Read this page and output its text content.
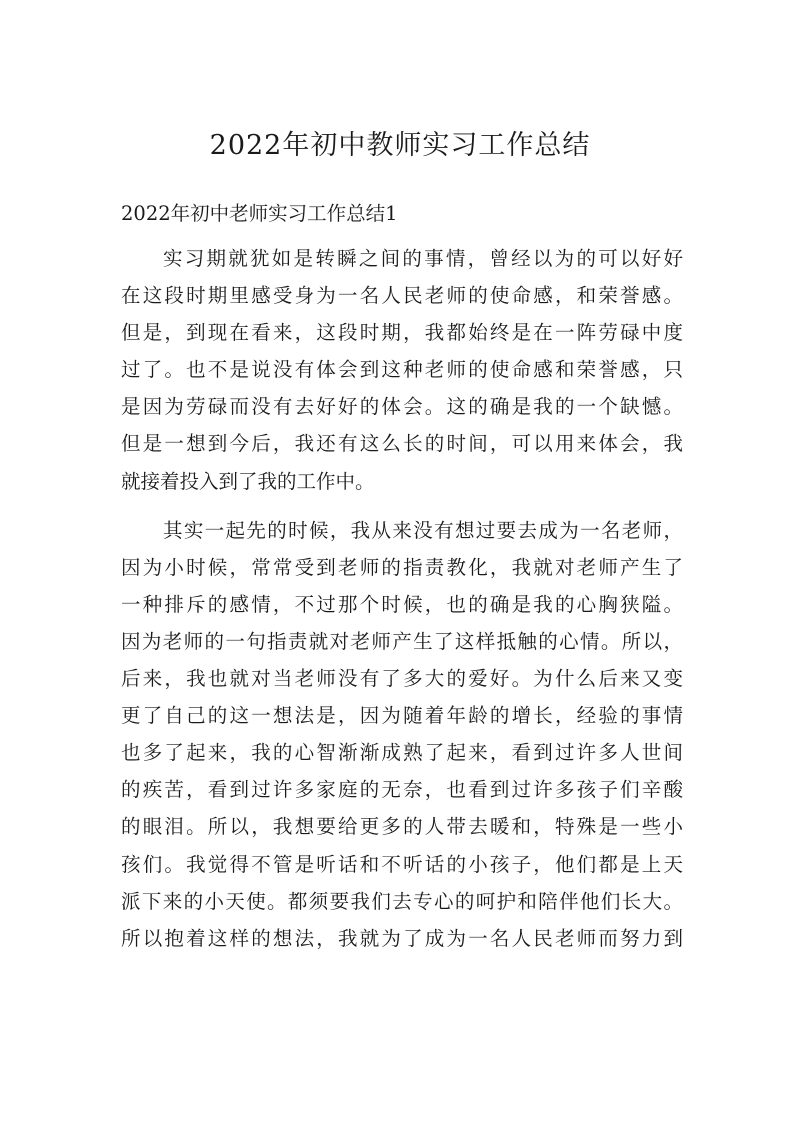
2022年初中教师实习工作总结

2022年初中老师实习工作总结1

实习期就犹如是转瞬之间的事情，曾经以为的可以好好
在这段时期里感受身为一名人民老师的使命感，和荣誉感。
但是，到现在看来，这段时期，我都始终是在一阵劳碌中度
过了。也不是说没有体会到这种老师的使命感和荣誉感，只
是因为劳碌而没有去好好的体会。这的确是我的一个缺憾。
但是一想到今后，我还有这么长的时间，可以用来体会，我
就接着投入到了我的工作中。
其实一起先的时候，我从来没有想过要去成为一名老师，
因为小时候，常常受到老师的指责教化，我就对老师产生了
一种排斥的感情，不过那个时候，也的确是我的心胸狭隘。
因为老师的一句指责就对老师产生了这样抵触的心情。所以，
后来，我也就对当老师没有了多大的爱好。为什么后来又变
更了自己的这一想法是，因为随着年龄的增长，经验的事情
也多了起来，我的心智渐渐成熟了起来，看到过许多人世间
的疾苦，看到过许多家庭的无奈，也看到过许多孩子们辛酸
的眼泪。所以，我想要给更多的人带去暖和，特殊是一些小
孩们。我觉得不管是听话和不听话的小孩子，他们都是上天
派下来的小天使。都须要我们去专心的呵护和陪伴他们长大。
所以抱着这样的想法，我就为了成为一名人民老师而努力到
